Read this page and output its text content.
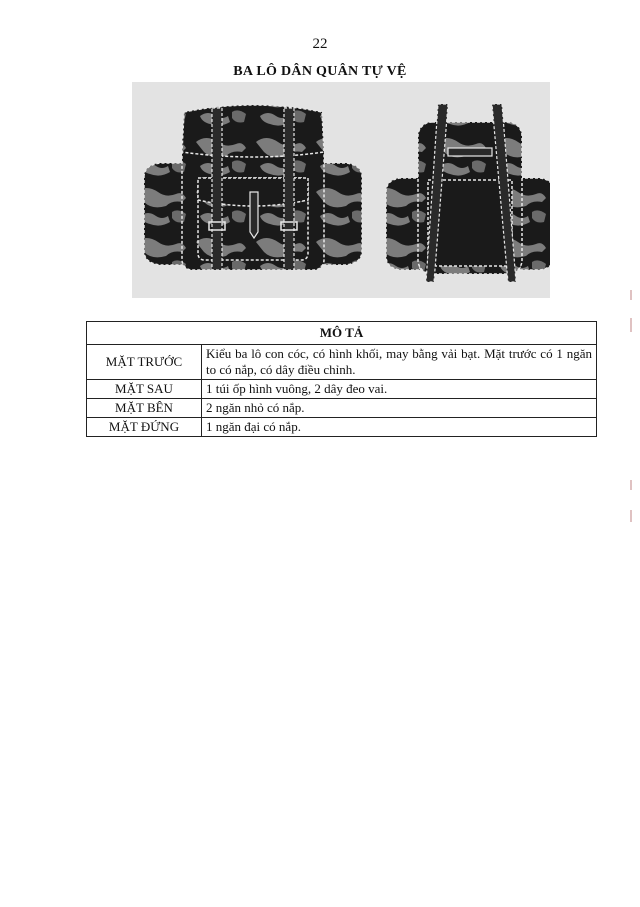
22
BA LÔ DÂN QUÂN TỰ VỆ
MÔ TẢ	
MẶT TRƯỚC	Kiểu ba lô con cóc, có hình khối, may bằng vải bạt. Mặt trước có 1 ngăn to có nắp, có dây điều chỉnh.
MẶT SAU	1 túi ốp hình vuông, 2 dây đeo vai.
MẶT BÊN	2 ngăn nhỏ có nắp.
MẶT ĐỨNG	1 ngăn đại có nắp.
